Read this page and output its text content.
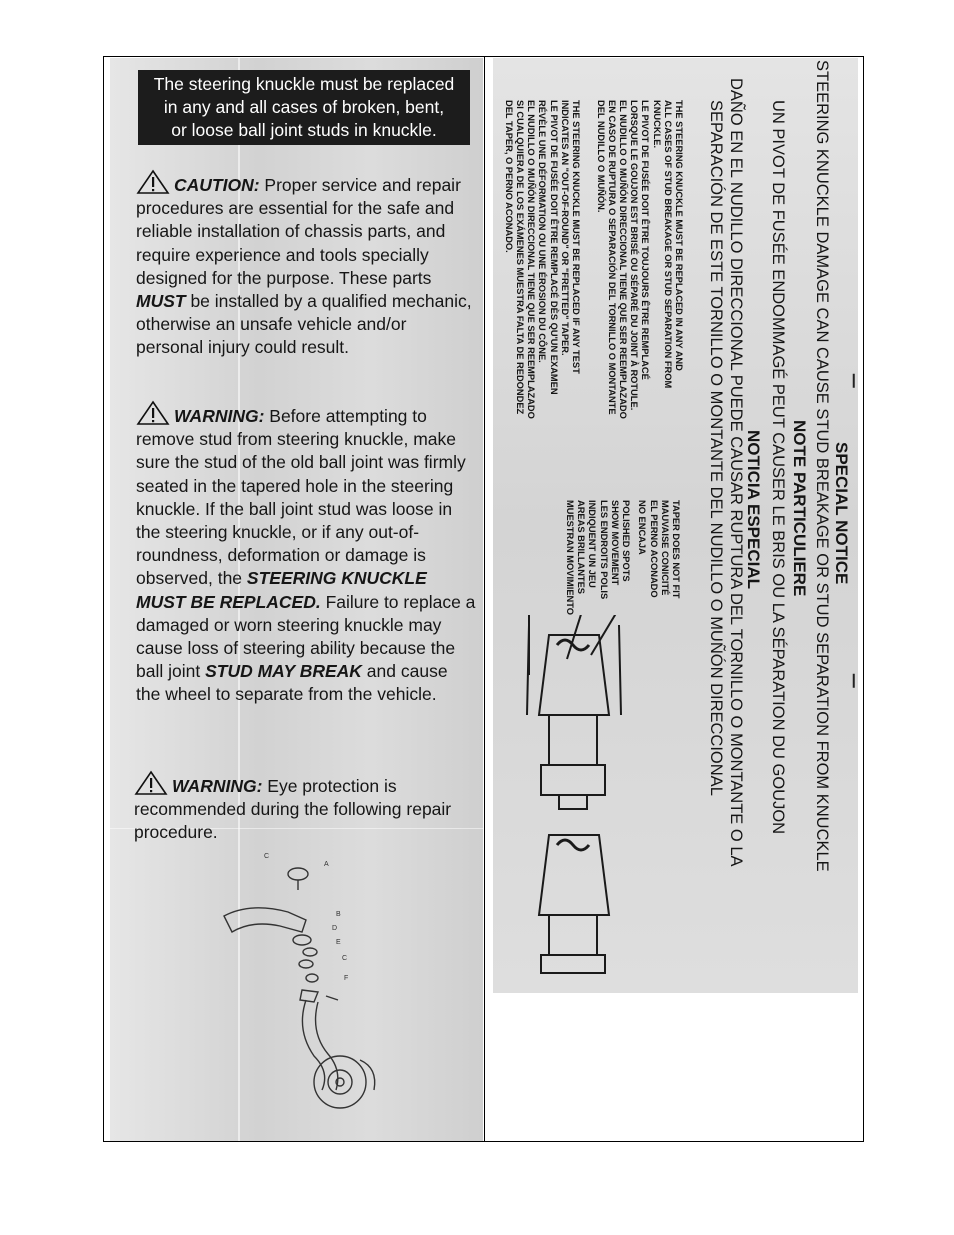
The steering knuckle must be replaced
in any and all cases of broken, bent,
or loose ball joint studs in knuckle.
CAUTION: Proper service and repair procedures are essential for the safe and reliable installation of chassis parts, and require experience and tools specially designed for the purpose. These parts MUST be installed by a qualified mechanic, otherwise an unsafe vehicle and/or personal injury could result.
WARNING: Before attempting to remove stud from steering knuckle, make sure the stud of the old ball joint was firmly seated in the tapered hole in the steering knuckle. If the ball joint stud was loose in the steering knuckle, or if any out-of-roundness, deformation or damage is observed, the STEERING KNUCKLE MUST BE REPLACED. Failure to replace a damaged or worn steering knuckle may cause loss of steering ability because the ball joint STUD MAY BREAK and cause the wheel to separate from the vehicle.
WARNING: Eye protection is recommended during the following repair procedure.
C
A
B
D
E
C
F
SPECIAL NOTICE
STEERING KNUCKLE DAMAGE CAN CAUSE STUD BREAKAGE OR STUD SEPARATION FROM KNUCKLE
NOTE PARTICULIERE
UN PIVOT DE FUSÉE ENDOMMAGÉ PEUT CAUSER LE BRIS OU LA SÉPARATION DU GOUJON
NOTICIA ESPECIAL
DAÑO EN EL NUDILLO DIRECCIONAL PUEDE CAUSAR RUPTURA DEL TORNILLO O MONTANTE O LA
SEPARACIÓN DE ESTE TORNILLO O MONTANTE DEL NUDILLO O MUÑÓN DIRECCIONAL
THE STEERING KNUCKLE MUST BE REPLACED IN ANY AND
ALL CASES OF STUD BREAKAGE OR STUD SEPARATION FROM
KNUCKLE.
LE PIVOT DE FUSÉE DOIT ÊTRE TOUJOURS ÊTRE REMPLACÉ
LORSQUE LE GOUJON EST BRISÉ OU SÉPARÉ DU JOINT À ROTULE.
EL NUDILLO O MUÑÓN DIRECCIONAL TIENE QUE SER REEMPLAZADO
EN CASO DE RUPTURA O SEPARACIÓN DEL TORNILLO O MONTANTE
DEL NUDILLO O MUÑÓN.
THE STEERING KNUCKLE MUST BE REPLACED IF ANY TEST
INDICATES AN "OUT-OF-ROUND" OR "FRETTED" TAPER.
LE PIVOT DE FUSÉE DOIT ÊTRE REMPLACÉ DÈS QU'UN EXAMEN
RÉVÈLE UNE DÉFORMATION OU UNE ÉROSION DU CÔNE.
EL NUDILLO O MUÑÓN DIRECCIONAL TIENE QUE SER REEMPLAZADO
SI CUALQUIERA DE LOS EXÁMENES MUESTRA FALTA DE REDONDEZ
DEL TAPER, O PERNO ACONADO.
TAPER DOES NOT FIT
MAUVAISE CONICITÉ
EL PERNO ACONADO
NO ENCAJA
POLISHED SPOTS
SHOW MOVEMENT
LES ENDROITS POLIS
INDIQUENT UN JEU
AREAS BRILLANTES
MUESTRAN MOVIMIENTO
